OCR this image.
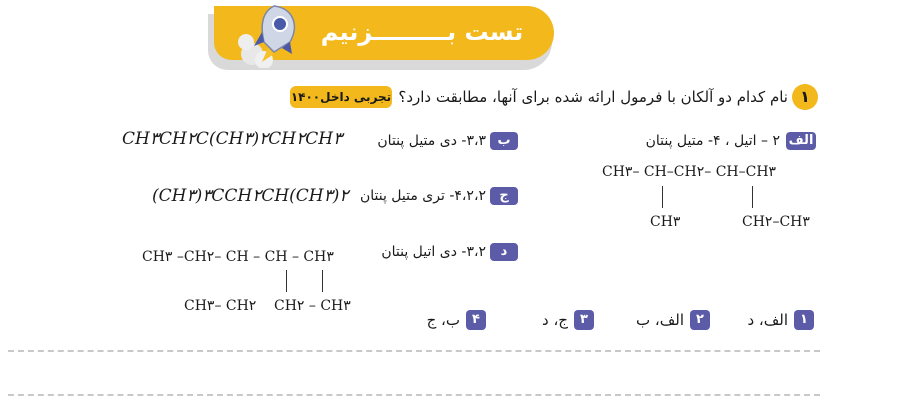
تست بـــــــــزنیم
۱
نام کدام دو آلکان با فرمول ارائه شده برای آنها، مطابقت دارد؟
تجربی داخل۱۴۰۰
الف
۲ – اتیل ، ۴- متیل پنتان
CH۳– CH–CH۲– CH–CH۳
CH۳	CH۲–CH۳
ب
۳،۳- دی متیل پنتان
CH۳CH۲C(CH۳)۲CH۲CH۳
ج
۴،۲،۲- تری متیل پنتان
(CH۳)۳CCH۲CH(CH۳)۲
د
۳،۲- دی اتیل پنتان
CH۳ –CH۲– CH – CH – CH۳
CH۳– CH۲ CH۲ – CH۳
۱
الف، د
۲
الف، ب
۳
ج، د
۴
ب، ج
